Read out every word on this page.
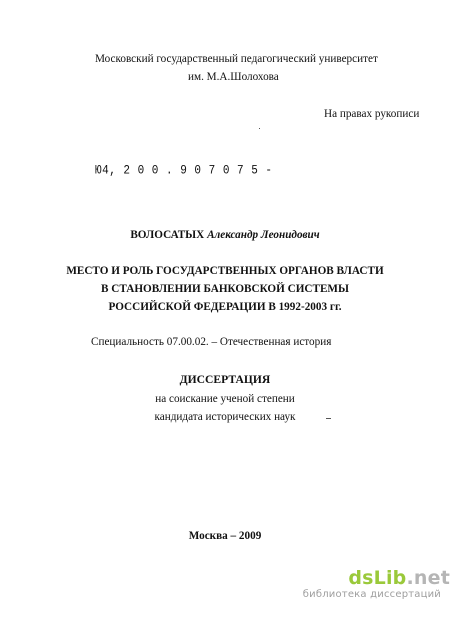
Московский государственный педагогический университет
им. М.А.Шолохова
На правах рукописи
Ю4, 2 0 0 . 9 0 7 0 7 5 -
ВОЛОСАТЫХ Александр Леонидович
МЕСТО И РОЛЬ ГОСУДАРСТВЕННЫХ ОРГАНОВ ВЛАСТИ
В СТАНОВЛЕНИИ БАНКОВСКОЙ СИСТЕМЫ
РОССИЙСКОЙ ФЕДЕРАЦИИ В 1992-2003 гг.
Специальность 07.00.02. – Отечественная история
ДИССЕРТАЦИЯ
на соискание ученой степени
кандидата исторических наук
Москва – 2009
dsLib.net
библиотека диссертаций
